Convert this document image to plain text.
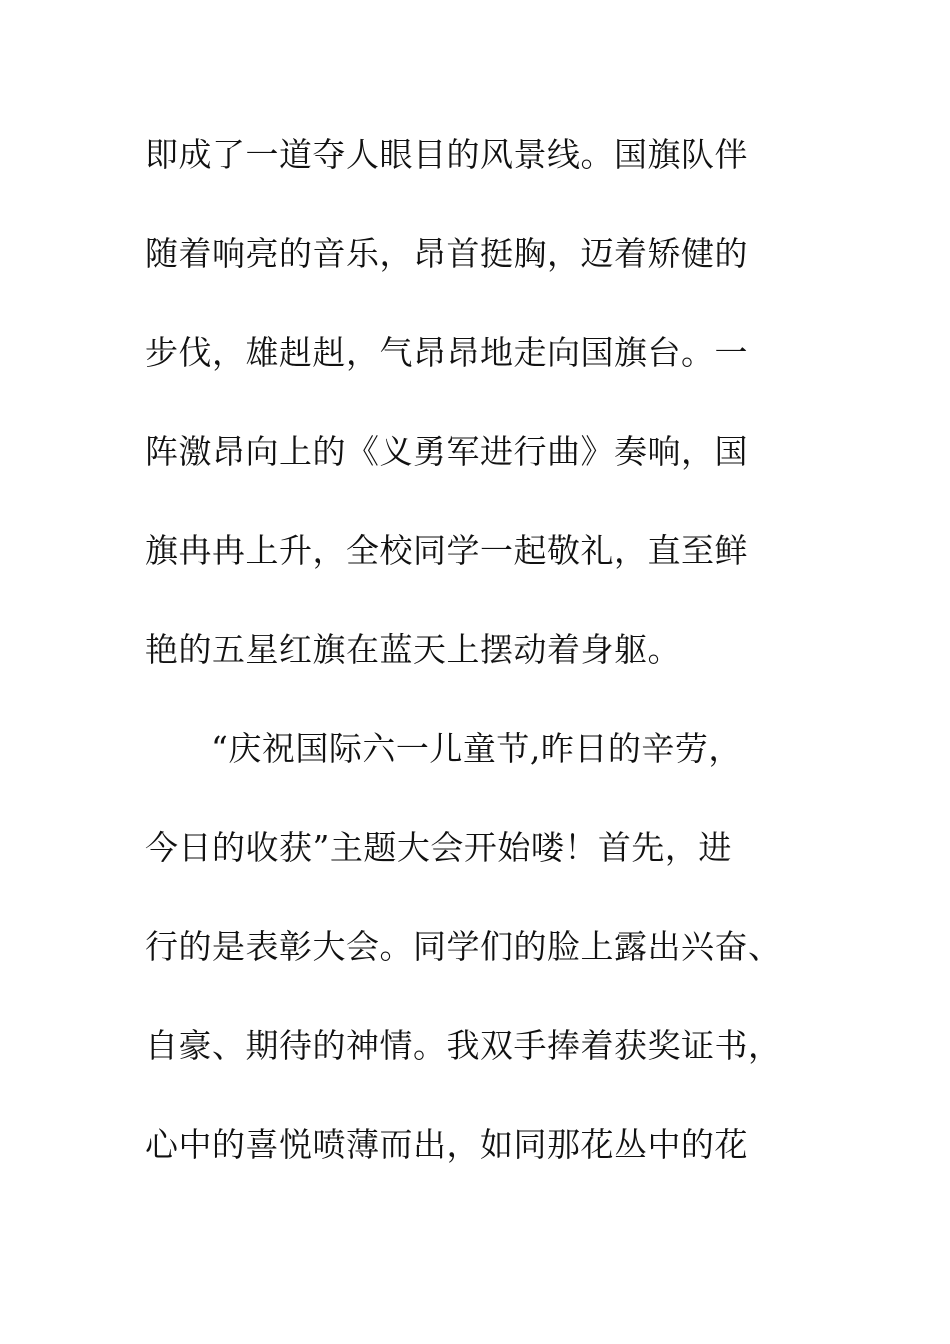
即成了一道夺人眼目的风景线。国旗队伴
随着响亮的音乐，昂首挺胸，迈着矫健的
步伐，雄赳赳，气昂昂地走向国旗台。一
阵激昂向上的《义勇军进行曲》奏响，国
旗冉冉上升，全校同学一起敬礼，直至鲜
艳的五星红旗在蓝天上摆动着身躯。
“庆祝国际六一儿童节,昨日的辛劳，
今日的收获”主题大会开始喽！首先，进
行的是表彰大会。同学们的脸上露出兴奋、
自豪、期待的神情。我双手捧着获奖证书，
心中的喜悦喷薄而出，如同那花丛中的花
